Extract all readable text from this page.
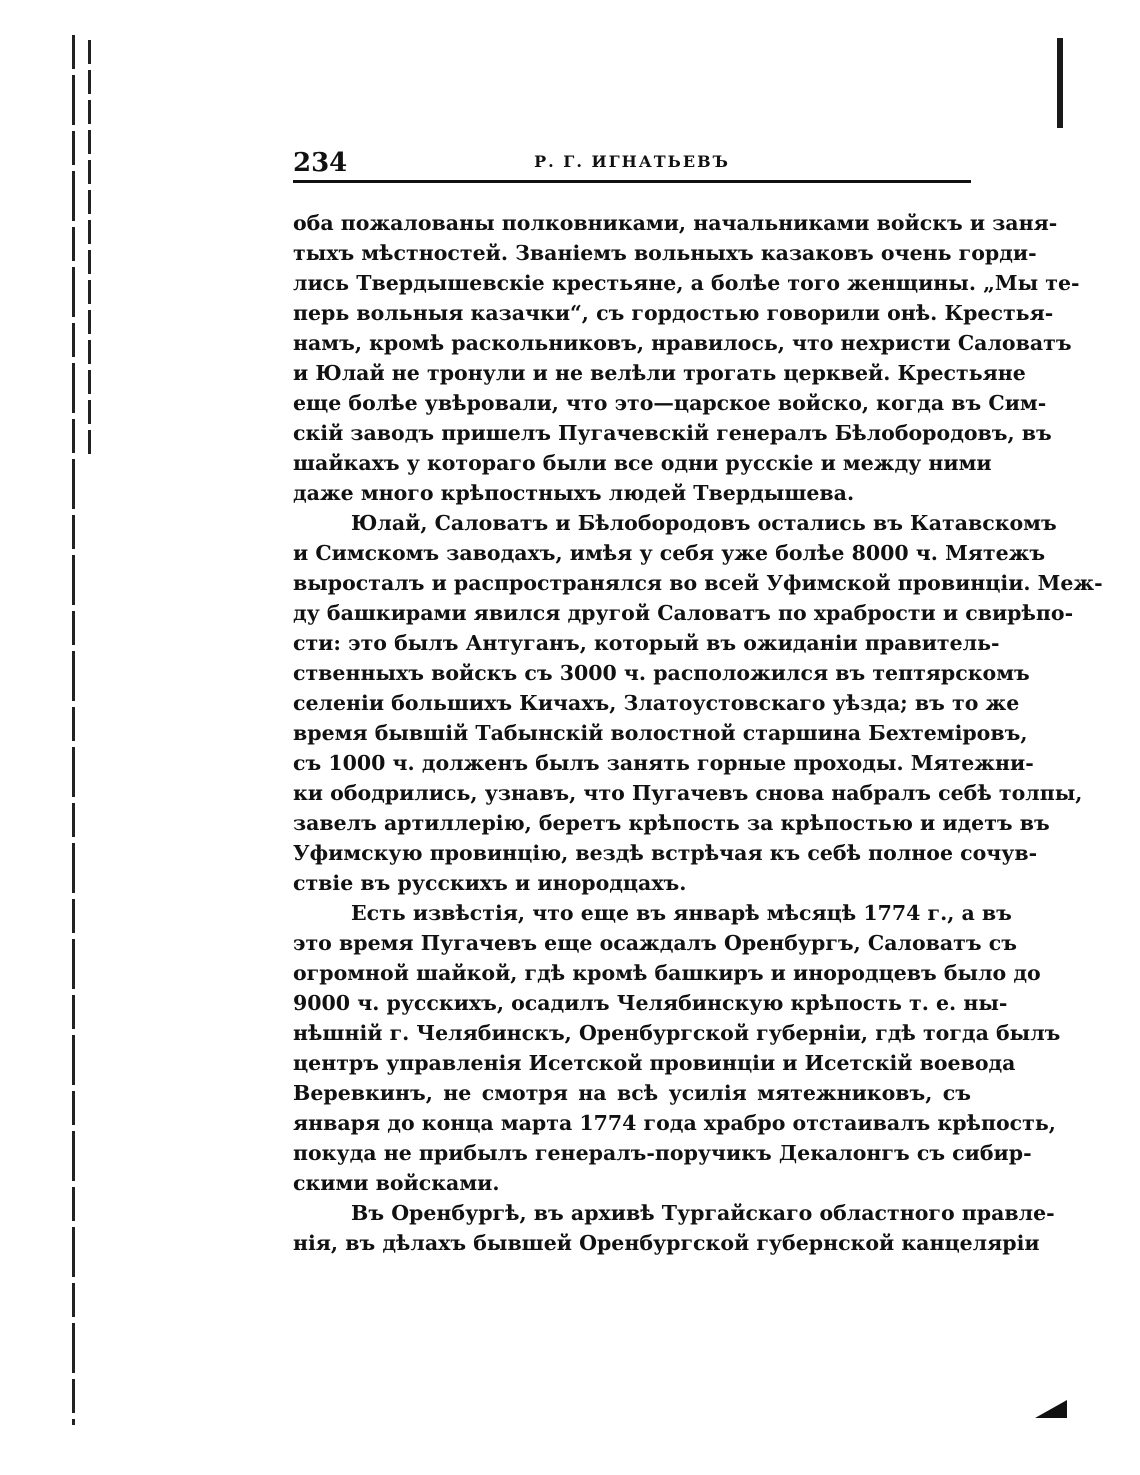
234	Р. Г. ИГНАТЬЕВЪ
оба пожалованы полковниками, начальниками войскъ и заня-
тыхъ мѣстностей. Званіемъ вольныхъ казаковъ очень горди-
лись Твердышевскіе крестьяне, а болѣе того женщины. „Мы те-
перь вольныя казачки“, съ гордостью говорили онѣ. Крестья-
намъ, кромѣ раскольниковъ, нравилось, что нехристи Саловатъ
и Юлай не тронули и не велѣли трогать церквей. Крестьяне
еще болѣе увѣровали, что это—царское войско, когда въ Сим-
скій заводъ пришелъ Пугачевскій генералъ Бѣлобородовъ, въ
шайкахъ у котораго были все одни русскіе и между ними
даже много крѣпостныхъ людей Твердышева.
Юлай, Саловатъ и Бѣлобородовъ остались въ Катавскомъ
и Симскомъ заводахъ, имѣя у себя уже болѣе 8000 ч. Мятежъ
выросталъ и распространялся во всей Уфимской провинціи. Меж-
ду башкирами явился другой Саловатъ по храбрости и свирѣпо-
сти: это былъ Антуганъ, который въ ожиданіи правитель-
ственныхъ войскъ съ 3000 ч. расположился въ тептярскомъ
селеніи большихъ Кичахъ, Златоустовскаго уѣзда; въ то же
время бывшій Табынскій волостной старшина Бехтеміровъ,
съ 1000 ч. долженъ былъ занять горные проходы. Мятежни-
ки ободрились, узнавъ, что Пугачевъ снова набралъ себѣ толпы,
завелъ артиллерію, беретъ крѣпость за крѣпостью и идетъ въ
Уфимскую провинцію, вездѣ встрѣчая къ себѣ полное сочув-
ствіе въ русскихъ и инородцахъ.
Есть извѣстія, что еще въ январѣ мѣсяцѣ 1774 г., а въ
это время Пугачевъ еще осаждалъ Оренбургъ, Саловатъ съ
огромной шайкой, гдѣ кромѣ башкиръ и инородцевъ было до
9000 ч. русскихъ, осадилъ Челябинскую крѣпость т. е. ны-
нѣшній г. Челябинскъ, Оренбургской губерніи, гдѣ тогда былъ
центръ управленія Исетской провинціи и Исетскій воевода
Веревкинъ, не смотря на всѣ усилія мятежниковъ, съ
января до конца марта 1774 года храбро отстаивалъ крѣпость,
покуда не прибылъ генералъ-поручикъ Декалонгъ съ сибир-
скими войсками.
Въ Оренбургѣ, въ архивѣ Тургайскаго областного правле-
нія, въ дѣлахъ бывшей Оренбургской губернской канцеляріи
